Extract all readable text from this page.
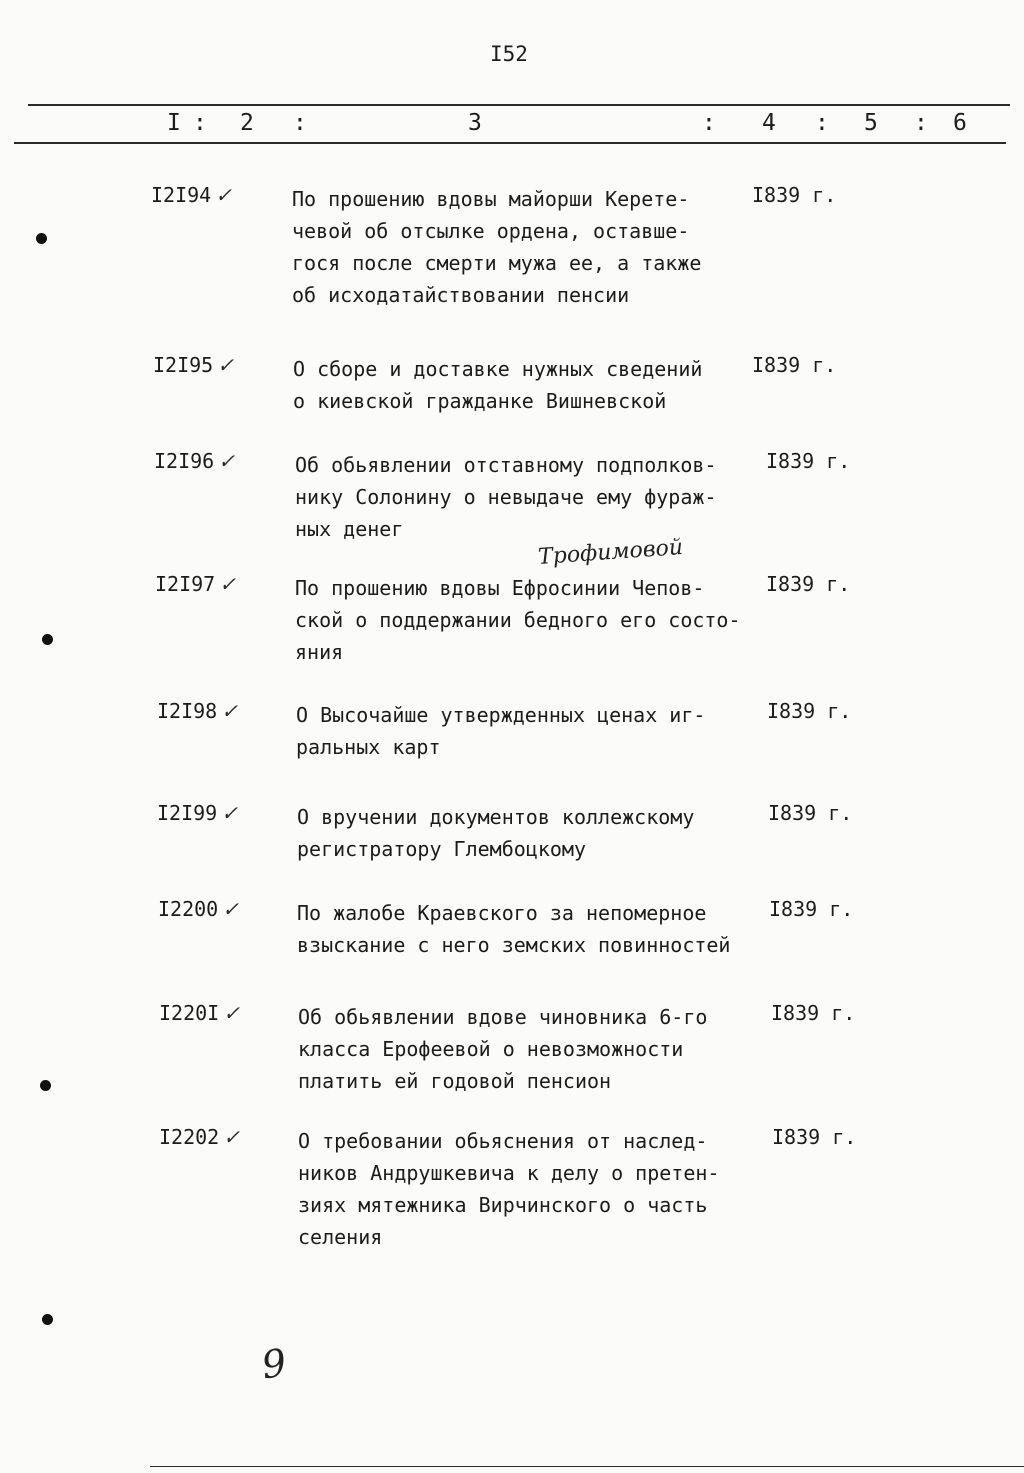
I52
I : 2 :	3	: 4 : 5 : 6
I2I94 ✓	По прошению вдовы майорши Керете-
чевой об отсылке ордена, оставше-
гося после смерти мужа ее, а также
об исходатайствовании пенсии
I839 г.
I2I95 ✓	О сборе и доставке нужных сведений
о киевской гражданке Вишневской
I839 г.
I2I96 ✓	Об обьявлении отставному подполков-
нику Солонину о невыдаче ему фураж-
ных денег
I839 г.
Трофимовой
I2I97 ✓	По прошению вдовы Ефросинии Чепов-
ской о поддержании бедного его состо-
яния
I839 г.
I2I98 ✓	О Высочайше утвержденных ценах иг-
ральных карт
I839 г.
I2I99 ✓	О вручении документов коллежскому
регистратору Глембоцкому
I839 г.
I2200 ✓	По жалобе Краевского за непомерное
взыскание с него земских повинностей
I839 г.
I220I ✓	Об обьявлении вдове чиновника 6-го
класса Ерофеевой о невозможности
платить ей годовой пенсион
I839 г.
I2202 ✓	О требовании обьяснения от наслед-
ников Андрушкевича к делу о претен-
зиях мятежника Вирчинского о часть
селения
I839 г.
9
